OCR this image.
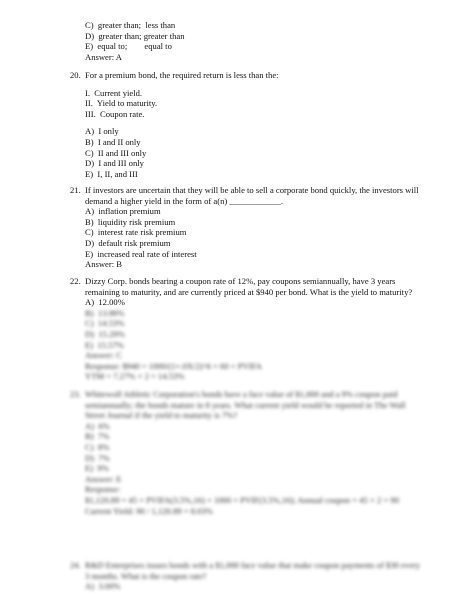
C)  greater than;  less than
D)  greater than; greater than
E)  equal to;        equal to
Answer: A
20. For a premium bond, the required return is less than the:
I.  Current yield.
II.  Yield to maturity.
III.  Coupon rate.
A)  I only
B)  I and II only
C)  II and III only
D)  I and III only
E)  I, II, and III
21. If investors are uncertain that they will be able to sell a corporate bond quickly, the investors will
demand a higher yield in the form of a(n) ____________.
A)  inflation premium
B)  liquidity risk premium
C)  interest rate risk premium
D)  default risk premium
E)  increased real rate of interest
Answer: B
22. Dizzy Corp. bonds bearing a coupon rate of 12%, pay coupons semiannually, have 3 years
remaining to maturity, and are currently priced at $940 per bond. What is the yield to maturity?
A)  12.00%
B)  13.98%
C)  14.53%
D)  15.29%
E)  15.57%
Answer: C
Response: $940 = 1000/(1+.0X/2)^6 + 60 × PVIFA
YTM = 7.27% × 2 = 14.53%
23. Whitewolf Athletic Corporation's bonds have a face value of $1,000 and a 9% coupon paid
semiannually; the bonds mature in 8 years. What current yield would be reported in The Wall
Street Journal if the yield to maturity is 7%?
A)  6%
B)  7%
C)  8%
D)  7%
E)  9%
Answer: E
Response:
$1,120.89 = 45 × PVIFA(3.5%,16) + 1000 × PVIF(3.5%,16); Annual coupon = 45 × 2 = 90
Current Yield: 90 / 1,120.89 = 8.03%
24. R&D Enterprises issues bonds with a $1,000 face value that make coupon payments of $30 every
3 months. What is the coupon rate?
A)  3.00%
